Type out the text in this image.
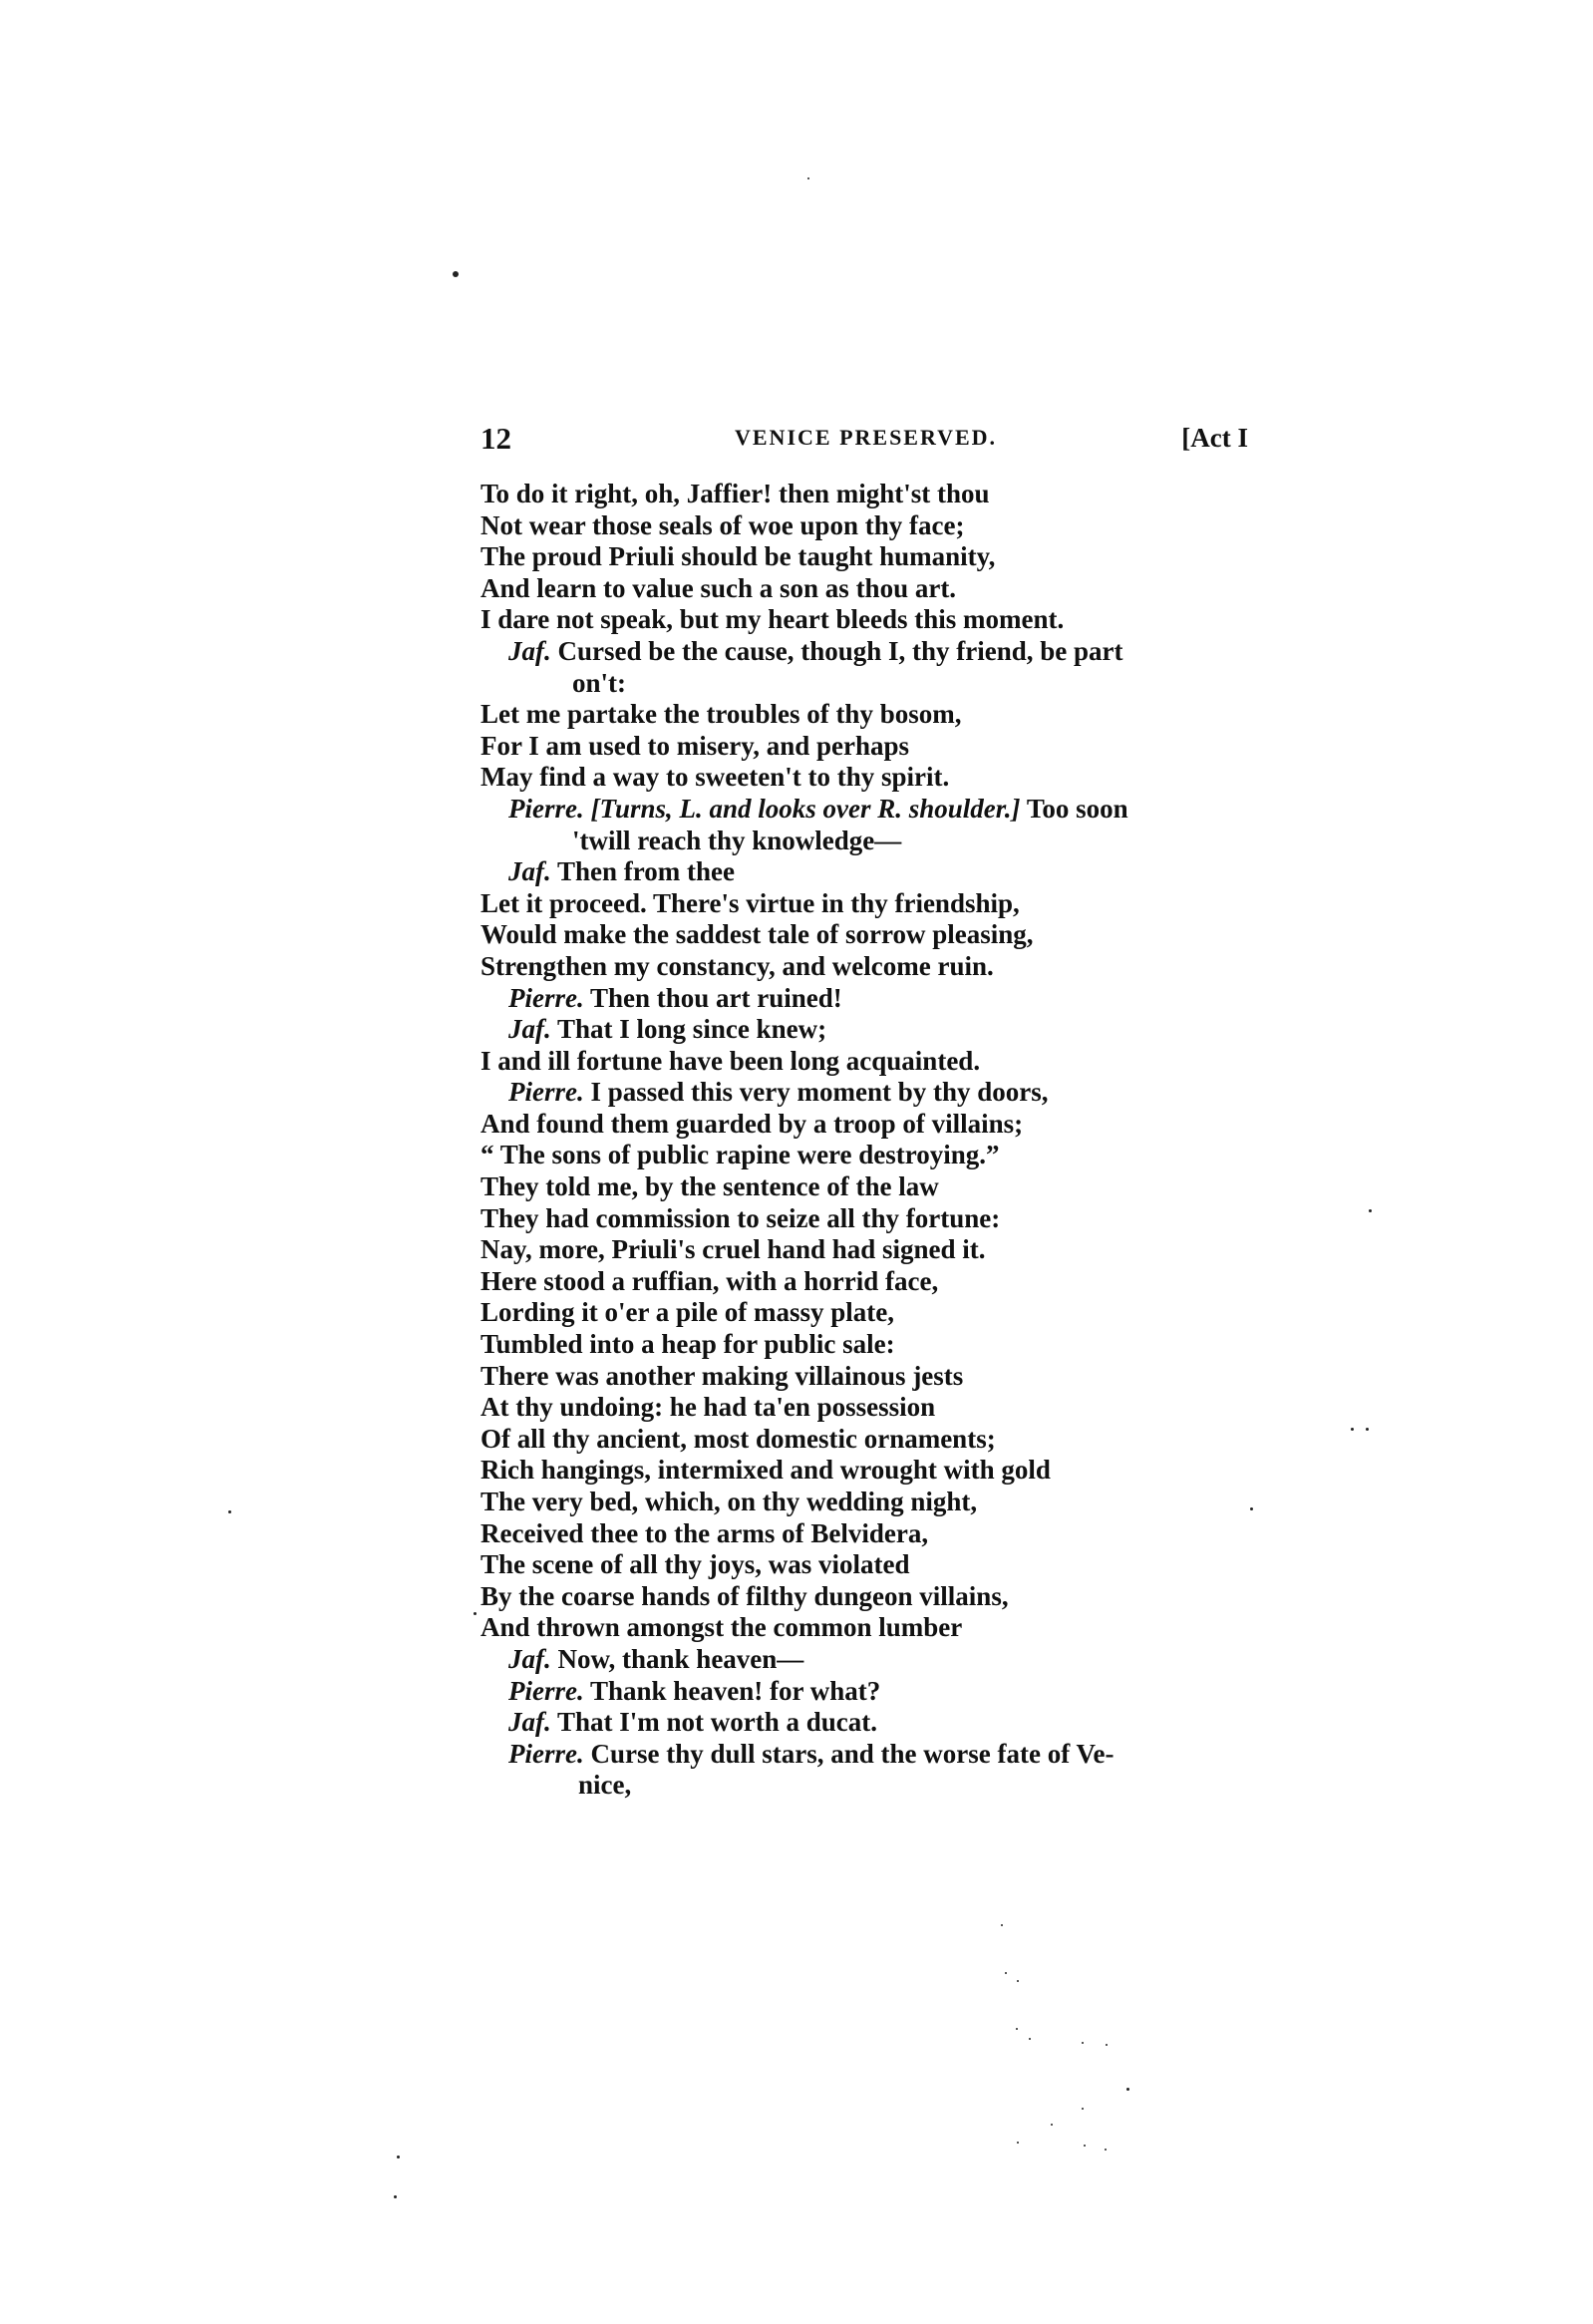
12	VENICE PRESERVED.	[Act I
To do it right, oh, Jaffier! then might'st thou
Not wear those seals of woe upon thy face;
The proud Priuli should be taught humanity,
And learn to value such a son as thou art.
I dare not speak, but my heart bleeds this moment.
Jaf. Cursed be the cause, though I, thy friend, be part
on't:
Let me partake the troubles of thy bosom,
For I am used to misery, and perhaps
May find a way to sweeten't to thy spirit.
Pierre. [Turns, L. and looks over R. shoulder.] Too soon
'twill reach thy knowledge—
Jaf. Then from thee
Let it proceed. There's virtue in thy friendship,
Would make the saddest tale of sorrow pleasing,
Strengthen my constancy, and welcome ruin.
Pierre. Then thou art ruined!
Jaf. That I long since knew;
I and ill fortune have been long acquainted.
Pierre. I passed this very moment by thy doors,
And found them guarded by a troop of villains;
“ The sons of public rapine were destroying.”
They told me, by the sentence of the law
They had commission to seize all thy fortune:
Nay, more, Priuli's cruel hand had signed it.
Here stood a ruffian, with a horrid face,
Lording it o'er a pile of massy plate,
Tumbled into a heap for public sale:
There was another making villainous jests
At thy undoing: he had ta'en possession
Of all thy ancient, most domestic ornaments;
Rich hangings, intermixed and wrought with gold
The very bed, which, on thy wedding night,
Received thee to the arms of Belvidera,
The scene of all thy joys, was violated
By the coarse hands of filthy dungeon villains,
And thrown amongst the common lumber
Jaf. Now, thank heaven—
Pierre. Thank heaven! for what?
Jaf. That I'm not worth a ducat.
Pierre. Curse thy dull stars, and the worse fate of Ve-
nice,
